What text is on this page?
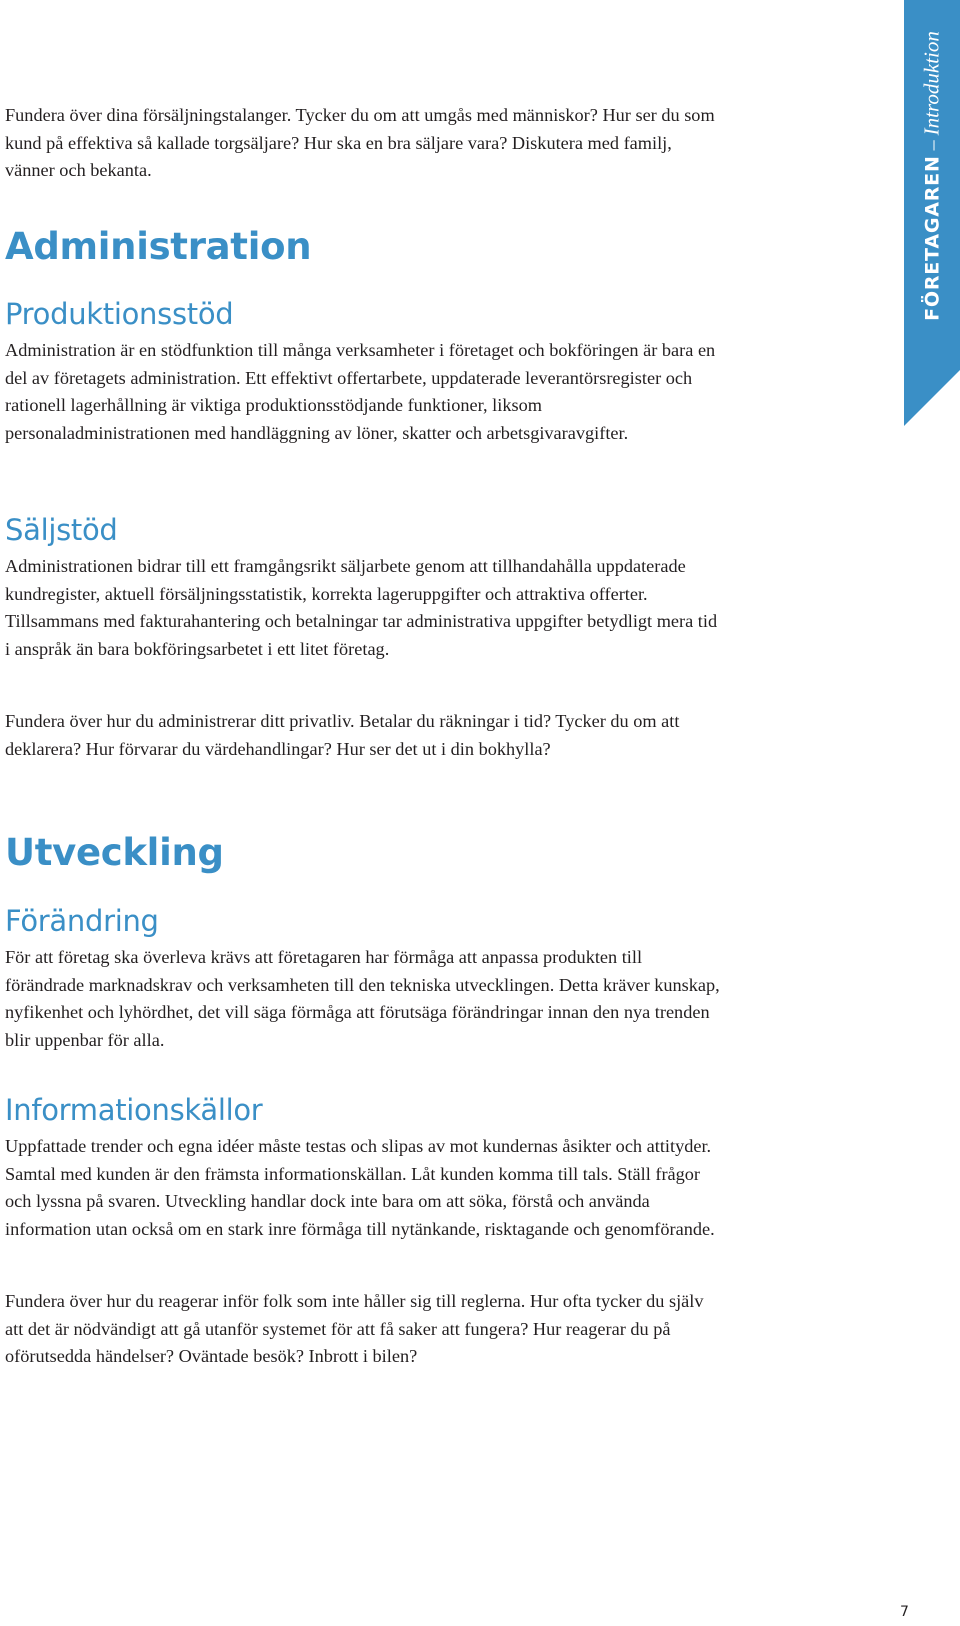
FÖRETAGAREN – Introduktion

Fundera över dina försäljningstalanger. Tycker du om att umgås med människor? Hur ser du som kund på effektiva så kallade torgsäljare? Hur ska en bra säljare vara? Diskutera med familj, vänner och bekanta.

Administration
Produktionsstöd

Administration är en stödfunktion till många verksamheter i företaget och bokföringen är bara en del av företagets administration. Ett effektivt offertarbete, uppdaterade leverantörsregister och rationell lagerhållning är viktiga produktionsstödjande funktioner, liksom personaladministrationen med handläggning av löner, skatter och arbetsgivaravgifter.

Säljstöd

Administrationen bidrar till ett framgångsrikt säljarbete genom att tillhandahålla uppdaterade kundregister, aktuell försäljningsstatistik, korrekta lageruppgifter och attraktiva offerter. Tillsammans med fakturahantering och betalningar tar administrativa uppgifter betydligt mera tid i anspråk än bara bokföringsarbetet i ett litet företag.

Fundera över hur du administrerar ditt privatliv. Betalar du räkningar i tid? Tycker du om att deklarera? Hur förvarar du värdehandlingar? Hur ser det ut i din bokhylla?

Utveckling
Förändring

För att företag ska överleva krävs att företagaren har förmåga att anpassa produkten till förändrade marknadskrav och verksamheten till den tekniska utvecklingen. Detta kräver kunskap, nyfikenhet och lyhördhet, det vill säga förmåga att förutsäga förändringar innan den nya trenden blir uppenbar för alla.

Informationskällor

Uppfattade trender och egna idéer måste testas och slipas av mot kundernas åsikter och attityder. Samtal med kunden är den främsta informationskällan. Låt kunden komma till tals. Ställ frågor och lyssna på svaren. Utveckling handlar dock inte bara om att söka, förstå och använda information utan också om en stark inre förmåga till nytänkande, risktagande och genomförande.

Fundera över hur du reagerar inför folk som inte håller sig till reglerna. Hur ofta tycker du själv att det är nödvändigt att gå utanför systemet för att få saker att fungera? Hur reagerar du på oförutsedda händelser? Oväntade besök? Inbrott i bilen?

7
